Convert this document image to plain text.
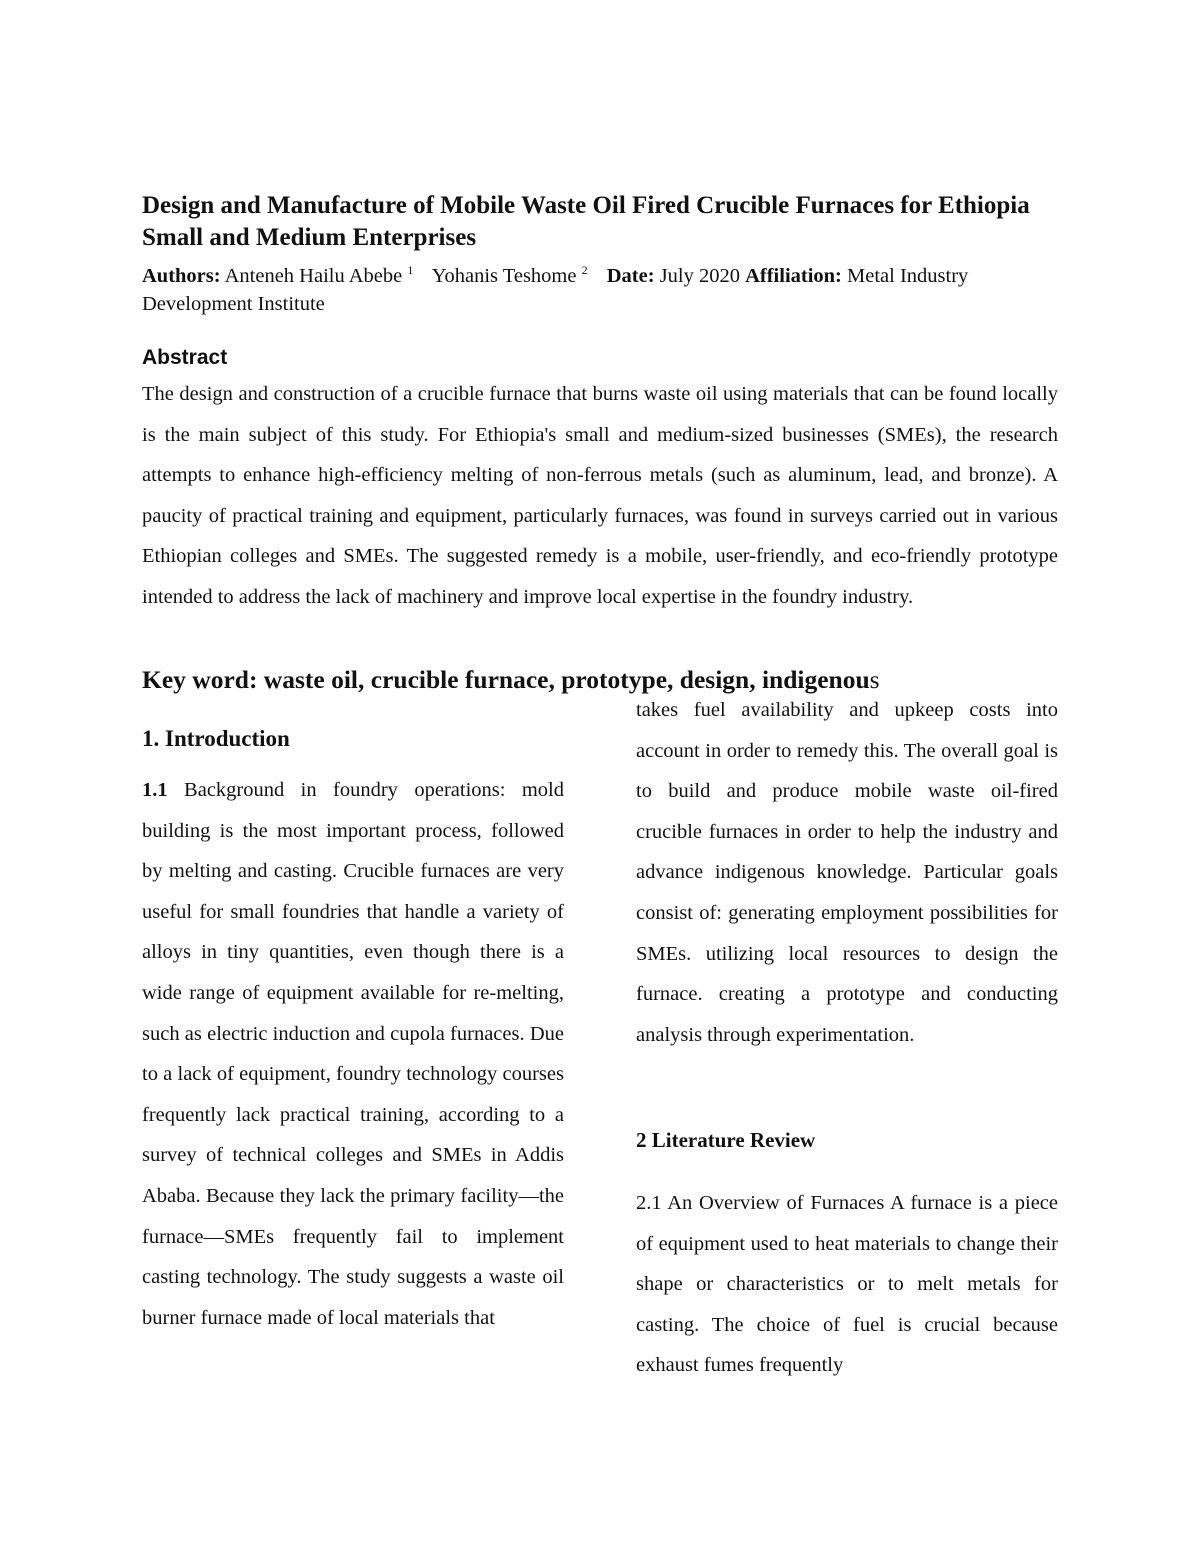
Design and Manufacture of Mobile Waste Oil Fired Crucible Furnaces for Ethiopia Small and Medium Enterprises
Authors: Anteneh Hailu Abebe $^1$ Yohanis Teshome $^2$ Date: July 2020 Affiliation: Metal Industry Development Institute
Abstract

The design and construction of a crucible furnace that burns waste oil using materials that can be found locally is the main subject of this study. For Ethiopia's small and medium-sized businesses (SMEs), the research attempts to enhance high-efficiency melting of non-ferrous metals (such as aluminum, lead, and bronze). A paucity of practical training and equipment, particularly furnaces, was found in surveys carried out in various Ethiopian colleges and SMEs. The suggested remedy is a mobile, user-friendly, and eco-friendly prototype intended to address the lack of machinery and improve local expertise in the foundry industry.

Key word: waste oil, crucible furnace, prototype, design, indigenous

1. Introduction

1.1 Background in foundry operations: mold building is the most important process, followed by melting and casting. Crucible furnaces are very useful for small foundries that handle a variety of alloys in tiny quantities, even though there is a wide range of equipment available for re-melting, such as electric induction and cupola furnaces. Due to a lack of equipment, foundry technology courses frequently lack practical training, according to a survey of technical colleges and SMEs in Addis Ababa. Because they lack the primary facility—the furnace—SMEs frequently fail to implement casting technology. The study suggests a waste oil burner furnace made of local materials that

takes fuel availability and upkeep costs into account in order to remedy this. The overall goal is to build and produce mobile waste oil-fired crucible furnaces in order to help the industry and advance indigenous knowledge. Particular goals consist of: generating employment possibilities for SMEs. utilizing local resources to design the furnace. creating a prototype and conducting analysis through experimentation.

2 Literature Review

2.1 An Overview of Furnaces A furnace is a piece of equipment used to heat materials to change their shape or characteristics or to melt metals for casting. The choice of fuel is crucial because exhaust fumes frequently
